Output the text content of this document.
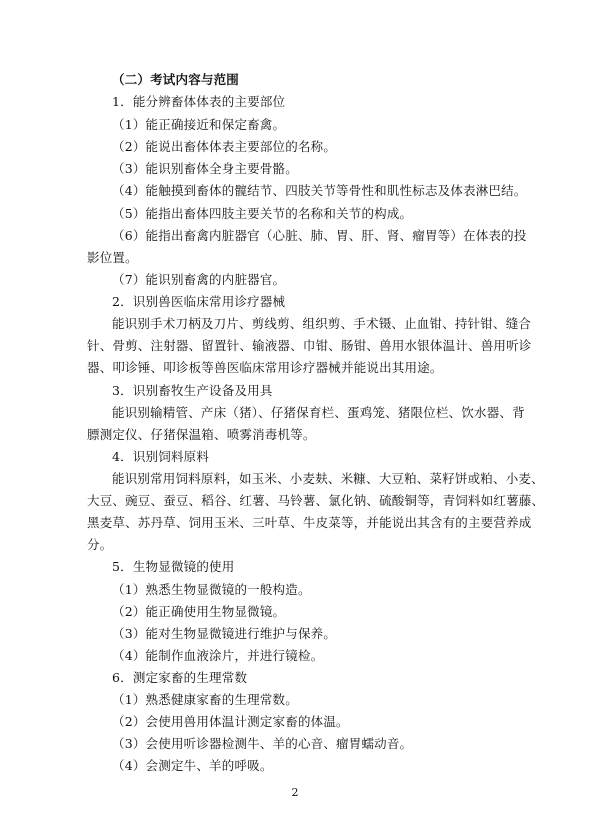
（二）考试内容与范围
1．能分辨畜体体表的主要部位
（1）能正确接近和保定畜禽。
（2）能说出畜体体表主要部位的名称。
（3）能识别畜体全身主要骨骼。
（4）能触摸到畜体的髋结节、四肢关节等骨性和肌性标志及体表淋巴结。
（5）能指出畜体四肢主要关节的名称和关节的构成。
（6）能指出畜禽内脏器官（心脏、肺、胃、肝、肾、瘤胃等）在体表的投
影位置。
（7）能识别畜禽的内脏器官。
2．识别兽医临床常用诊疗器械
能识别手术刀柄及刀片、剪线剪、组织剪、手术镊、止血钳、持针钳、缝合
针、骨剪、注射器、留置针、输液器、巾钳、肠钳、兽用水银体温计、兽用听诊
器、叩诊锤、叩诊板等兽医临床常用诊疗器械并能说出其用途。
3．识别畜牧生产设备及用具
能识别输精管、产床（猪）、仔猪保育栏、蛋鸡笼、猪限位栏、饮水器、背
膘测定仪、仔猪保温箱、喷雾消毒机等。
4．识别饲料原料
能识别常用饲料原料，如玉米、小麦麸、米糠、大豆粕、菜籽饼或粕、小麦、
大豆、豌豆、蚕豆、稻谷、红薯、马铃薯、氯化钠、硫酸铜等，青饲料如红薯藤、
黑麦草、苏丹草、饲用玉米、三叶草、牛皮菜等，并能说出其含有的主要营养成
分。
5．生物显微镜的使用
（1）熟悉生物显微镜的一般构造。
（2）能正确使用生物显微镜。
（3）能对生物显微镜进行维护与保养。
（4）能制作血液涂片，并进行镜检。
6．测定家畜的生理常数
（1）熟悉健康家畜的生理常数。
（2）会使用兽用体温计测定家畜的体温。
（3）会使用听诊器检测牛、羊的心音、瘤胃蠕动音。
（4）会测定牛、羊的呼吸。
2
